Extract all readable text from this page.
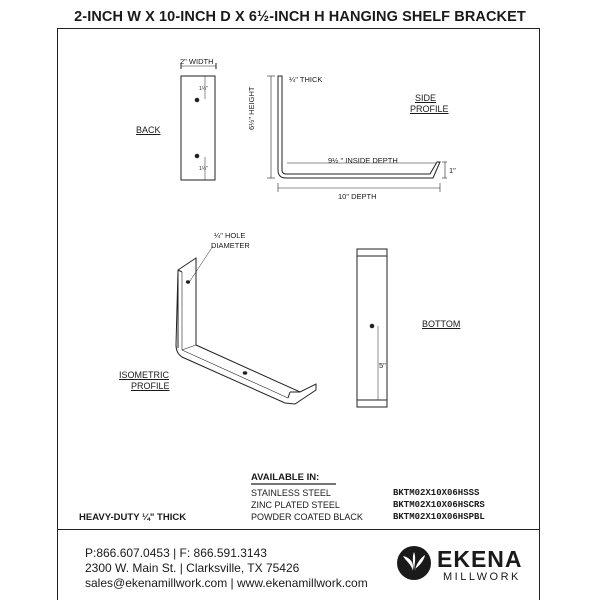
2-INCH W X 10-INCH D X 6½-INCH H HANGING SHELF BRACKET
2" WIDTH
1½"
1½"
BACK
¼" THICK
6½" HEIGHT
9½ " INSIDE DEPTH
1"
10" DEPTH
SIDE
PROFILE
¼" HOLE
DIAMETER
ISOMETRIC
PROFILE
BOTTOM
5"
AVAILABLE IN:
STAINLESS STEEL
ZINC PLATED STEEL
POWDER COATED BLACK
BKTM02X10X06HSSS
BKTM02X10X06HSCRS
BKTM02X10X06HSPBL
HEAVY-DUTY ¼" THICK
P:866.607.0453 | F: 866.591.3143
2300 W. Main St. | Clarksville, TX 75426
sales@ekenamillwork.com | www.ekenamillwork.com
EKENA
MILLWORK
